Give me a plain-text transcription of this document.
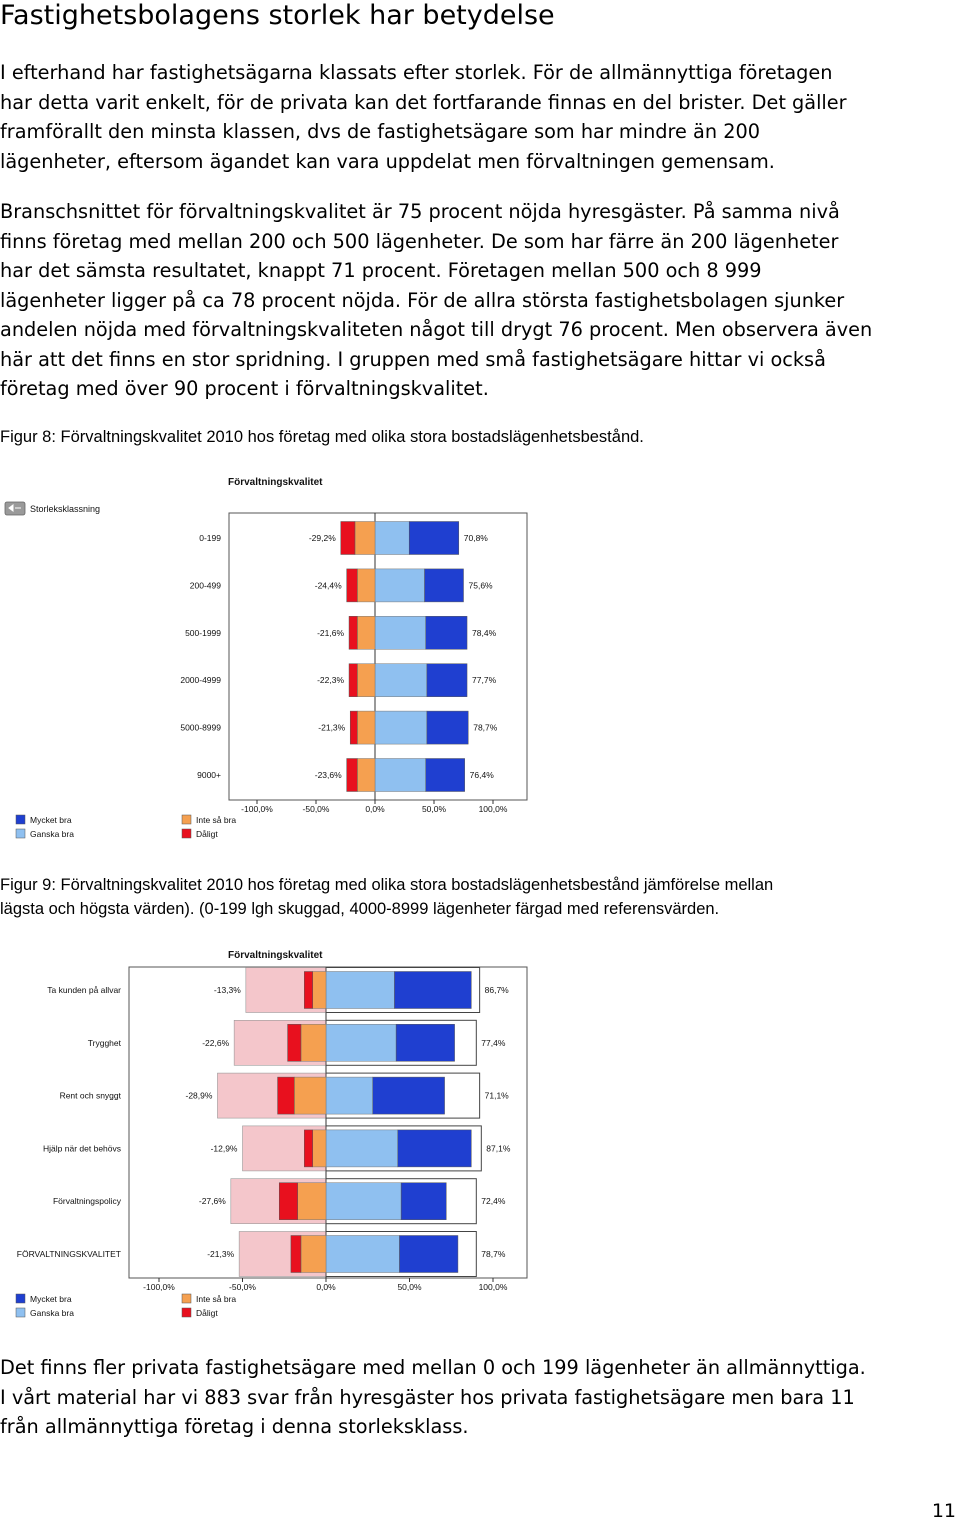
Fastighetsbolagens storlek har betydelse
I efterhand har fastighetsägarna klassats efter storlek. För de allmännyttiga företagen
har detta varit enkelt, för de privata kan det fortfarande finnas en del brister. Det gäller
framförallt den minsta klassen, dvs de fastighetsägare som har mindre än 200
lägenheter, eftersom ägandet kan vara uppdelat men förvaltningen gemensam.
Branschsnittet för förvaltningskvalitet är 75 procent nöjda hyresgäster. På samma nivå
finns företag med mellan 200 och 500 lägenheter. De som har färre än 200 lägenheter
har det sämsta resultatet, knappt 71 procent. Företagen mellan 500 och 8 999
lägenheter ligger på ca 78 procent nöjda. För de allra största fastighetsbolagen sjunker
andelen nöjda med förvaltningskvaliteten något till drygt 76 procent. Men observera även
här att det finns en stor spridning. I gruppen med små fastighetsägare hittar vi också
företag med över 90 procent i förvaltningskvalitet.
Figur 8: Förvaltningskvalitet 2010 hos företag med olika stora bostadslägenhetsbestånd.
Förvaltningskvalitet
Storleksklassning
0-199	-29,2%	70,8%
200-499	-24,4%	75,6%
500-1999	-21,6%	78,4%
2000-4999	-22,3%	77,7%
5000-8999	-21,3%	78,7%
9000+	-23,6%	76,4%
-100,0%	-50,0%	0,0%	50,0%	100,0%
Mycket bra
Ganska bra
Inte så bra
Dåligt
Figur 9: Förvaltningskvalitet 2010 hos företag med olika stora bostadslägenhetsbestånd jämförelse mellan
lägsta och högsta värden). (0-199 lgh skuggad, 4000-8999 lägenheter färgad med referensvärden.
Förvaltningskvalitet
Ta kunden på allvar	-13,3%	86,7%
Trygghet	-22,6%	77,4%
Rent och snyggt	-28,9%	71,1%
Hjälp när det behövs	-12,9%	87,1%
Förvaltningspolicy	-27,6%	72,4%
FÖRVALTNINGSKVALITET	-21,3%	78,7%
-100,0%	-50,0%	0,0%	50,0%	100,0%
Mycket bra
Ganska bra
Inte så bra
Dåligt
Det finns fler privata fastighetsägare med mellan 0 och 199 lägenheter än allmännyttiga.
I vårt material har vi 883 svar från hyresgäster hos privata fastighetsägare men bara 11
från allmännyttiga företag i denna storleksklass.
11
